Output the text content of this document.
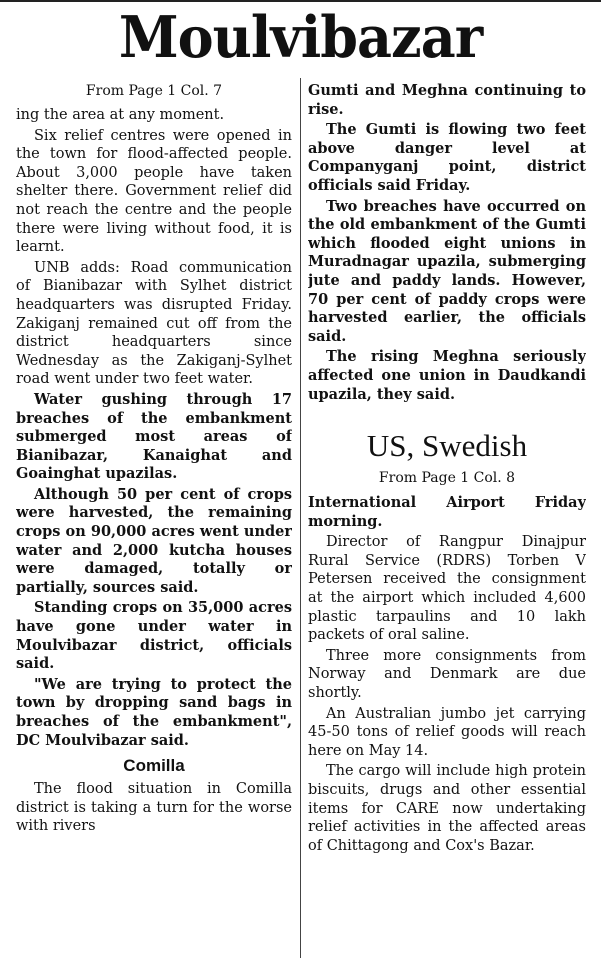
Moulvibazar
From Page 1 Col. 7

ing the area at any moment.

Six relief centres were opened in the town for flood-affected people. About 3,000 people have taken shelter there. Government relief did not reach the centre and the people there were living without food, it is learnt.

UNB adds: Road communication of Bianibazar with Sylhet district headquarters was disrupted Friday. Zakiganj remained cut off from the district headquarters since Wednesday as the Zakiganj-Sylhet road went under two feet water.

Water gushing through 17 breaches of the embankment submerged most areas of Bianibazar, Kanaighat and Goainghat upazilas.

Although 50 per cent of crops were harvested, the remaining crops on 90,000 acres went under water and 2,000 kutcha houses were damaged, totally or partially, sources said.

Standing crops on 35,000 acres have gone under water in Moulvibazar district, officials said.

"We are trying to protect the town by dropping sand bags in breaches of the embankment", DC Moulvibazar said.

Comilla

The flood situation in Comilla district is taking a turn for the worse with rivers

Gumti and Meghna continuing to rise.

The Gumti is flowing two feet above danger level at Companyganj point, district officials said Friday.

Two breaches have occurred on the old embankment of the Gumti which flooded eight unions in Muradnagar upazila, submerging jute and paddy lands. However, 70 per cent of paddy crops were harvested earlier, the officials said.

The rising Meghna seriously affected one union in Daudkandi upazila, they said.

US, Swedish
From Page 1 Col. 8

International Airport Friday morning.

Director of Rangpur Dinajpur Rural Service (RDRS) Torben V Petersen received the consignment at the airport which included 4,600 plastic tarpaulins and 10 lakh packets of oral saline.

Three more consignments from Norway and Denmark are due shortly.

An Australian jumbo jet carrying 45-50 tons of relief goods will reach here on May 14.

The cargo will include high protein biscuits, drugs and other essential items for CARE now undertaking relief activities in the affected areas of Chittagong and Cox's Bazar.
